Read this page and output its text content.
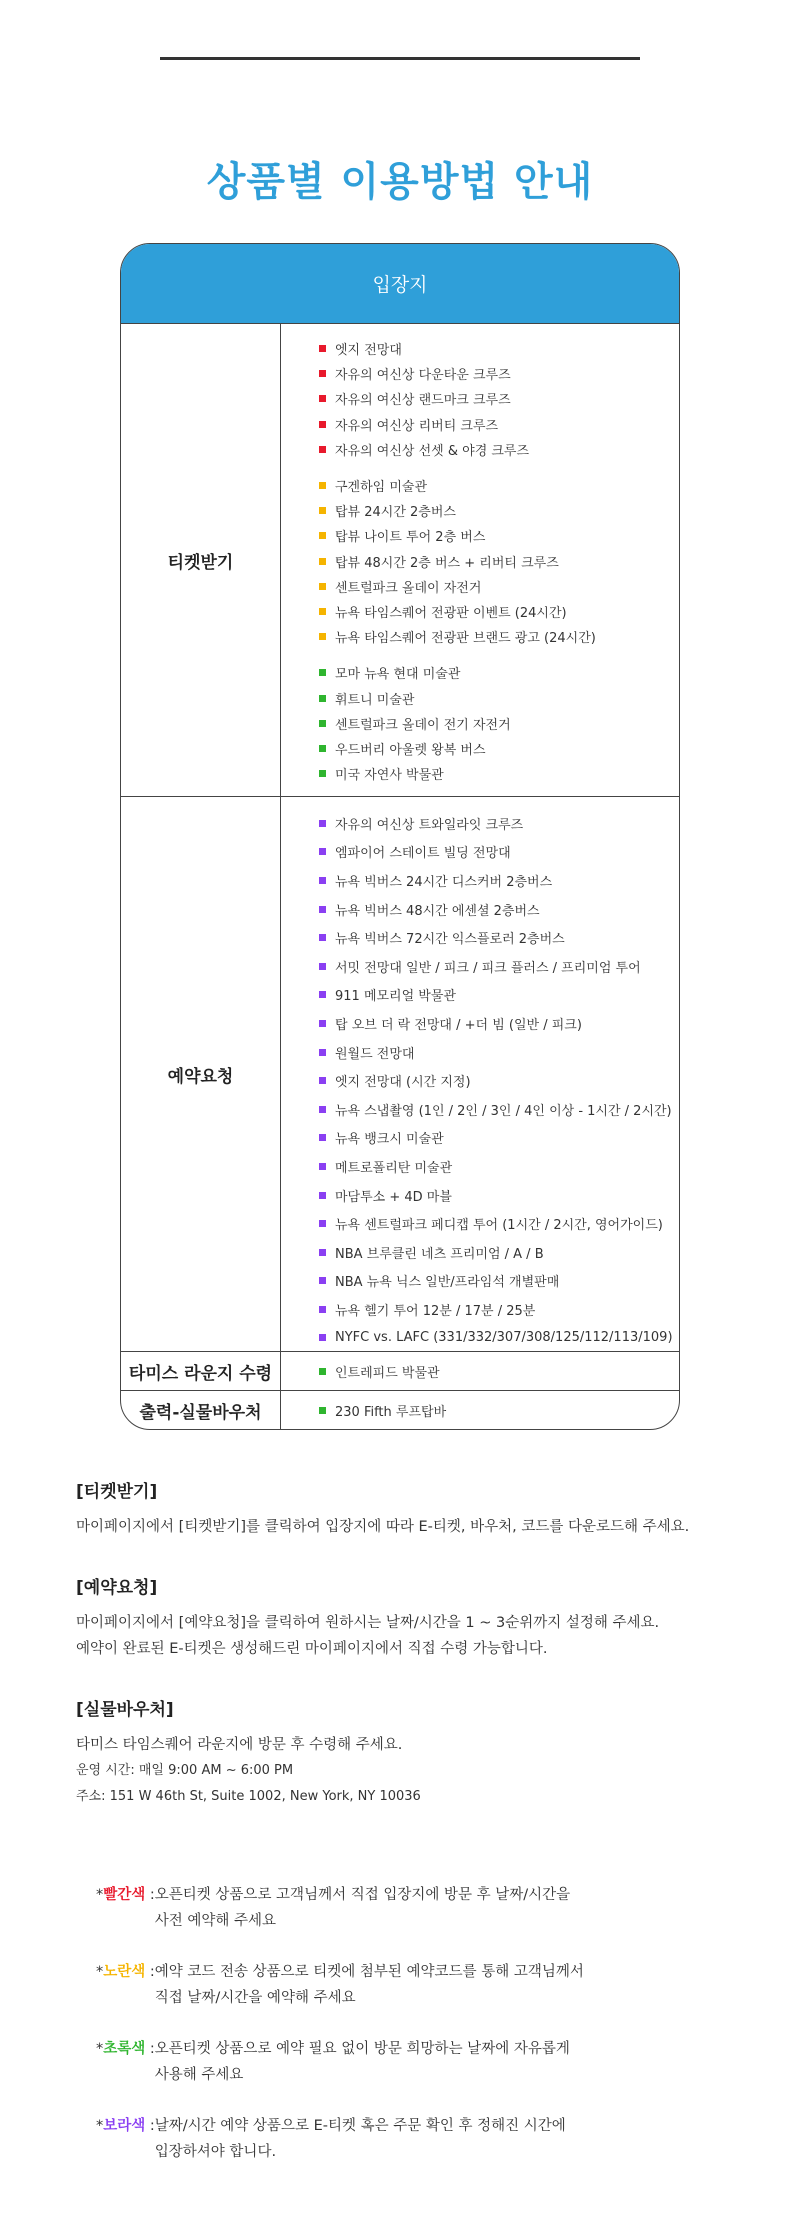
상품별 이용방법 안내
입장지
티켓받기
엣지 전망대
자유의 여신상 다운타운 크루즈
자유의 여신상 랜드마크 크루즈
자유의 여신상 리버티 크루즈
자유의 여신상 선셋 & 야경 크루즈
구겐하임 미술관
탑뷰 24시간 2층버스
탑뷰 나이트 투어 2층 버스
탑뷰 48시간 2층 버스 + 리버티 크루즈
센트럴파크 올데이 자전거
뉴욕 타임스퀘어 전광판 이벤트 (24시간)
뉴욕 타임스퀘어 전광판 브랜드 광고 (24시간)
모마 뉴욕 현대 미술관
휘트니 미술관
센트럴파크 올데이 전기 자전거
우드버리 아울렛 왕복 버스
미국 자연사 박물관
예약요청
자유의 여신상 트와일라잇 크루즈
엠파이어 스테이트 빌딩 전망대
뉴욕 빅버스 24시간 디스커버 2층버스
뉴욕 빅버스 48시간 에센셜 2층버스
뉴욕 빅버스 72시간 익스플로러 2층버스
서밋 전망대 일반 / 피크 / 피크 플러스 / 프리미엄 투어
911 메모리얼 박물관
탑 오브 더 락 전망대 / +더 빔 (일반 / 피크)
원월드 전망대
엣지 전망대 (시간 지정)
뉴욕 스냅촬영 (1인 / 2인 / 3인 / 4인 이상 - 1시간 / 2시간)
뉴욕 뱅크시 미술관
메트로폴리탄 미술관
마담투소 + 4D 마블
뉴욕 센트럴파크 페디캡 투어 (1시간 / 2시간, 영어가이드)
NBA 브루클린 네츠 프리미엄 / A / B
NBA 뉴욕 닉스 일반/프라임석 개별판매
뉴욕 헬기 투어 12분 / 17분 / 25분
NYFC vs. LAFC (331/332/307/308/125/112/113/109)
타미스 라운지 수령	인트레피드 박물관
출력-실물바우처	230 Fifth 루프탑바
[티켓받기]
마이페이지에서 [티켓받기]를 클릭하여 입장지에 따라 E-티켓, 바우처, 코드를 다운로드해 주세요.
[예약요청]
마이페이지에서 [예약요청]을 클릭하여 원하시는 날짜/시간을 1 ~ 3순위까지 설정해 주세요.
예약이 완료된 E-티켓은 생성해드린 마이페이지에서 직접 수령 가능합니다.
[실물바우처]
타미스 타임스퀘어 라운지에 방문 후 수령해 주세요.
운영 시간: 매일 9:00 AM ~ 6:00 PM
주소: 151 W 46th St, Suite 1002, New York, NY 10036
*빨간색 : 오픈티켓 상품으로 고객님께서 직접 입장지에 방문 후 날짜/시간을
사전 예약해 주세요
*노란색 : 예약 코드 전송 상품으로 티켓에 첨부된 예약코드를 통해 고객님께서
직접 날짜/시간을 예약해 주세요
*초록색 : 오픈티켓 상품으로 예약 필요 없이 방문 희망하는 날짜에 자유롭게
사용해 주세요
*보라색 : 날짜/시간 예약 상품으로 E-티켓 혹은 주문 확인 후 정해진 시간에
입장하셔야 합니다.
